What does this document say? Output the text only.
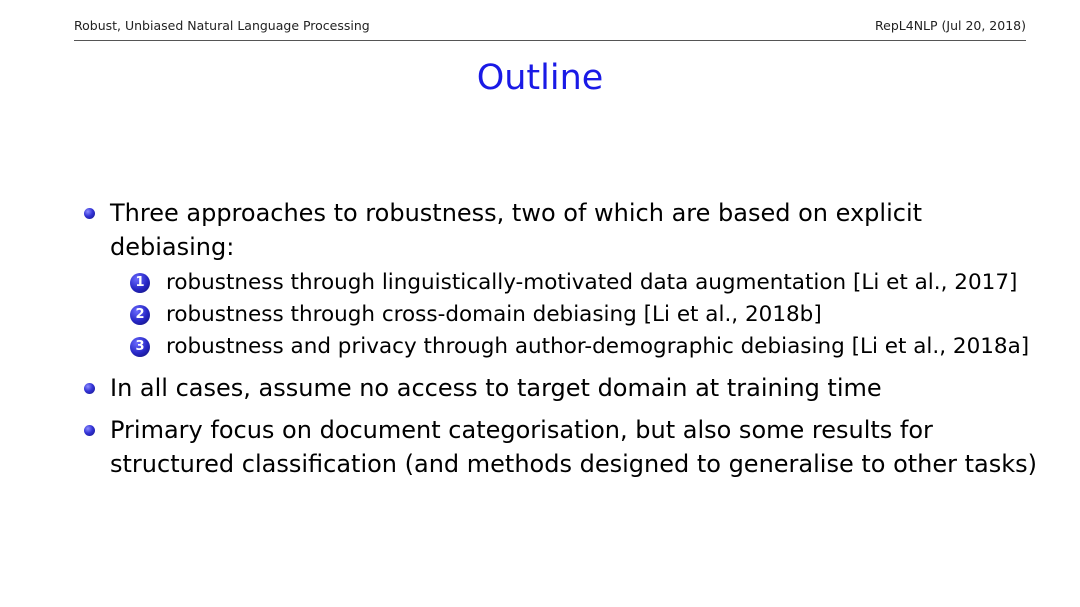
Robust, Unbiased Natural Language Processing	RepL4NLP (Jul 20, 2018)
Outline
Three approaches to robustness, two of which are based on explicit debiasing:
1 robustness through linguistically-motivated data augmentation [Li et al., 2017]
2 robustness through cross-domain debiasing [Li et al., 2018b]
3 robustness and privacy through author-demographic debiasing [Li et al., 2018a]
In all cases, assume no access to target domain at training time
Primary focus on document categorisation, but also some results for structured classification (and methods designed to generalise to other tasks)
